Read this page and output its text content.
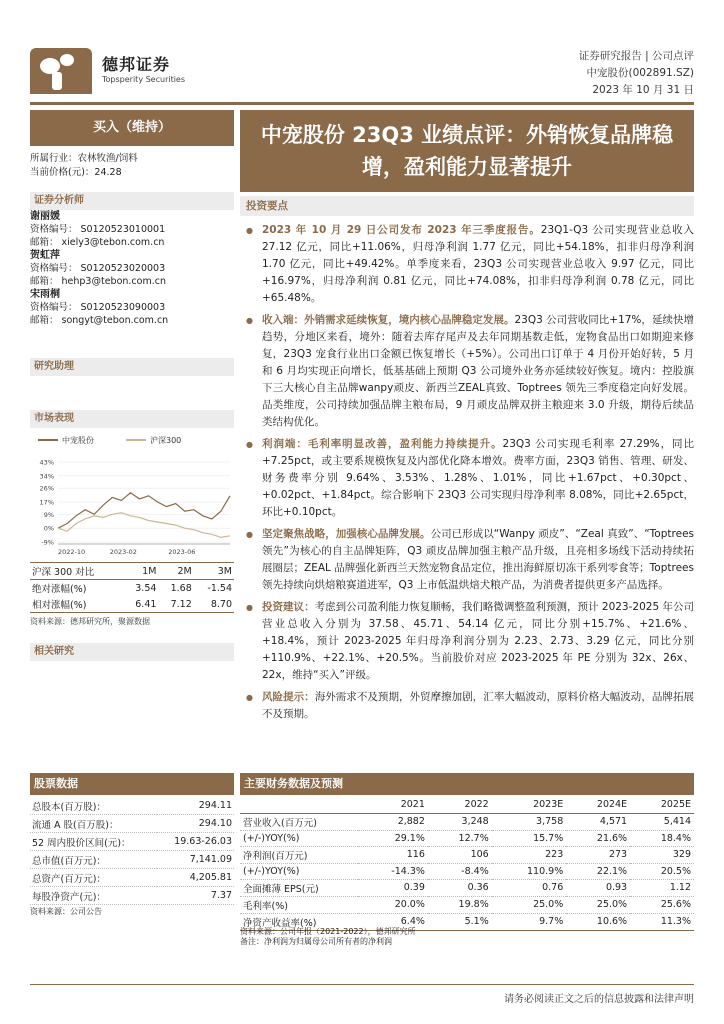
德邦证券
Topsperity Securities
证券研究报告 | 公司点评
中宠股份(002891.SZ)
2023 年 10 月 31 日
买入（维持）
所属行业：农林牧渔/饲料
当前价格(元)：24.28
证券分析师
谢丽媛
资格编号： S0120523010001
邮箱： xiely3@tebon.com.cn
贺虹萍
资格编号： S0120523020003
邮箱： hehp3@tebon.com.cn
宋雨桐
资格编号： S0120523090003
邮箱： songyt@tebon.com.cn
研究助理
市场表现
中宠股份	沪深300
-9%
0%
9%
17%
26%
34%
43%
2022-10	2023-02	2023-06
沪深 300 对比	1M	2M	3M
绝对涨幅(%)	3.54	1.68	-1.54
相对涨幅(%)	6.41	7.12	8.70
资料来源：德邦研究所，聚源数据
相关研究
中宠股份 23Q3 业绩点评：外销恢复品牌稳增，盈利能力显著提升
投资要点
● 2023 年 10 月 29 日公司发布 2023 年三季度报告。23Q1-Q3 公司实现营业总收入 27.12 亿元，同比+11.06%，归母净利润 1.77 亿元，同比+54.18%，扣非归母净利润 1.70 亿元，同比+49.42%。单季度来看，23Q3 公司实现营业总收入 9.97 亿元，同比+16.97%，归母净利润 0.81 亿元，同比+74.08%，扣非归母净利润 0.78 亿元，同比+65.48%。
● 收入端：外销需求延续恢复，境内核心品牌稳定发展。23Q3 公司营收同比+17%，延续快增趋势，分地区来看，境外：随着去库存尾声及去年同期基数走低，宠物食品出口如期迎来修复，23Q3 宠食行业出口金额已恢复增长（+5%）。公司出口订单于 4 月份开始好转，5 月和 6 月均实现正向增长，低基基础上预期 Q3 公司境外业务亦延续较好恢复。境内：控股旗下三大核心自主品牌wanpy顽皮、新西兰ZEAL真致、Toptrees 领先三季度稳定向好发展。品类维度，公司持续加强品牌主粮布局，9 月顽皮品牌双拼主粮迎来 3.0 升级，期待后续品类结构优化。
● 利润端：毛利率明显改善，盈利能力持续提升。23Q3 公司实现毛利率 27.29%，同比+7.25pct，或主要系规模恢复及内部优化降本增效。费率方面，23Q3 销售、管理、研发、财务费率分别 9.64%、3.53%、1.28%、1.01%，同比+1.67pct、+0.30pct、+0.02pct、+1.84pct。综合影响下 23Q3 公司实现归母净利率 8.08%，同比+2.65pct，环比+0.10pct。
● 坚定聚焦战略，加强核心品牌发展。公司已形成以“Wanpy 顽皮”、“Zeal 真致”、“Toptrees 领先”为核心的自主品牌矩阵，Q3 顽皮品牌加强主粮产品升级，且亮相多场线下活动持续拓展圈层；ZEAL 品牌强化新西兰天然宠物食品定位，推出海鲜原切冻干系列零食等；Toptrees 领先持续向烘焙粮赛道进军，Q3 上市低温烘焙犬粮产品，为消费者提供更多产品选择。
● 投资建议：考虑到公司盈利能力恢复顺畅，我们略微调整盈利预测，预计 2023-2025 年公司营业总收入分别为 37.58、45.71、54.14 亿元，同比分别+15.7%、+21.6%、+18.4%，预计 2023-2025 年归母净利润分别为 2.23、2.73、3.29 亿元，同比分别+110.9%、+22.1%、+20.5%。当前股价对应 2023-2025 年 PE 分别为 32x、26x、22x，维持“买入”评级。
● 风险提示：海外需求不及预期，外贸摩擦加剧，汇率大幅波动，原料价格大幅波动，品牌拓展不及预期。
股票数据
总股本(百万股)：	294.11
流通 A 股(百万股)：	294.10
52 周内股价区间(元)：	19.63-26.03
总市值(百万元)：	7,141.09
总资产(百万元)：	4,205.81
每股净资产(元)：	7.37
资料来源：公司公告
主要财务数据及预测
	2021	2022	2023E	2024E	2025E
营业收入(百万元)	2,882	3,248	3,758	4,571	5,414
(+/-)YOY(%)	29.1%	12.7%	15.7%	21.6%	18.4%
净利润(百万元)	116	106	223	273	329
(+/-)YOY(%)	-14.3%	-8.4%	110.9%	22.1%	20.5%
全面摊薄 EPS(元)	0.39	0.36	0.76	0.93	1.12
毛利率(%)	20.0%	19.8%	25.0%	25.0%	25.6%
净资产收益率(%)	6.4%	5.1%	9.7%	10.6%	11.3%
资料来源：公司年报（2021-2022），德邦研究所
备注：净利润为归属母公司所有者的净利润
请务必阅读正文之后的信息披露和法律声明
